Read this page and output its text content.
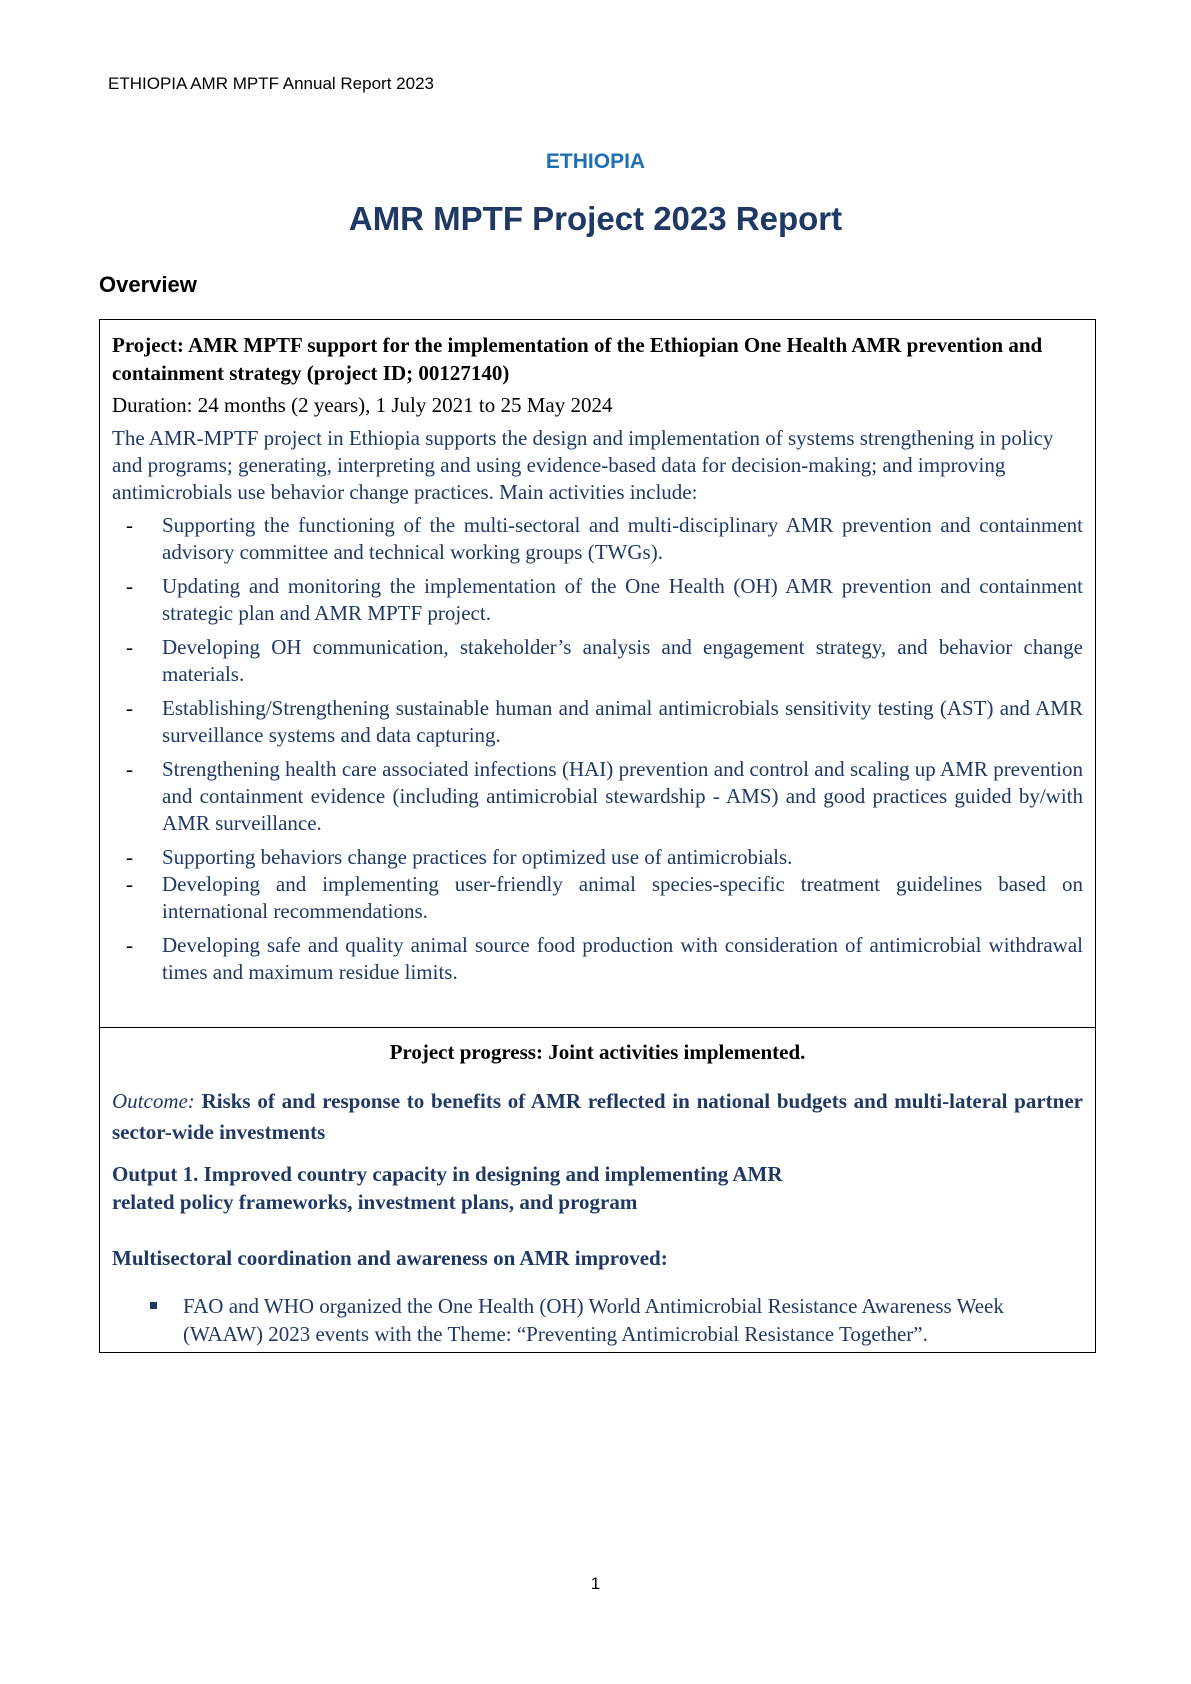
ETHIOPIA AMR MPTF Annual Report 2023
ETHIOPIA
AMR MPTF Project 2023 Report
Overview

Project: AMR MPTF support for the implementation of the Ethiopian One Health AMR prevention and containment strategy (project ID; 00127140)

Duration: 24 months (2 years), 1 July 2021 to 25 May 2024

The AMR-MPTF project in Ethiopia supports the design and implementation of systems strengthening in policy and programs; generating, interpreting and using evidence-based data for decision-making; and improving antimicrobials use behavior change practices. Main activities include:

- Supporting the functioning of the multi-sectoral and multi-disciplinary AMR prevention and containment advisory committee and technical working groups (TWGs).
- Updating and monitoring the implementation of the One Health (OH) AMR prevention and containment strategic plan and AMR MPTF project.
- Developing OH communication, stakeholder’s analysis and engagement strategy, and behavior change materials.
- Establishing/Strengthening sustainable human and animal antimicrobials sensitivity testing (AST) and AMR surveillance systems and data capturing.
- Strengthening health care associated infections (HAI) prevention and control and scaling up AMR prevention and containment evidence (including antimicrobial stewardship - AMS) and good practices guided by/with AMR surveillance.
- Supporting behaviors change practices for optimized use of antimicrobials.
- Developing and implementing user-friendly animal species-specific treatment guidelines based on international recommendations.
- Developing safe and quality animal source food production with consideration of antimicrobial withdrawal times and maximum residue limits.

Project progress: Joint activities implemented.

Outcome: Risks of and response to benefits of AMR reflected in national budgets and multi-lateral partner sector-wide investments

Output 1. Improved country capacity in designing and implementing AMR
related policy frameworks, investment plans, and program

Multisectoral coordination and awareness on AMR improved:

FAO and WHO organized the One Health (OH) World Antimicrobial Resistance Awareness Week (WAAW) 2023 events with the Theme: “Preventing Antimicrobial Resistance Together”.
1
